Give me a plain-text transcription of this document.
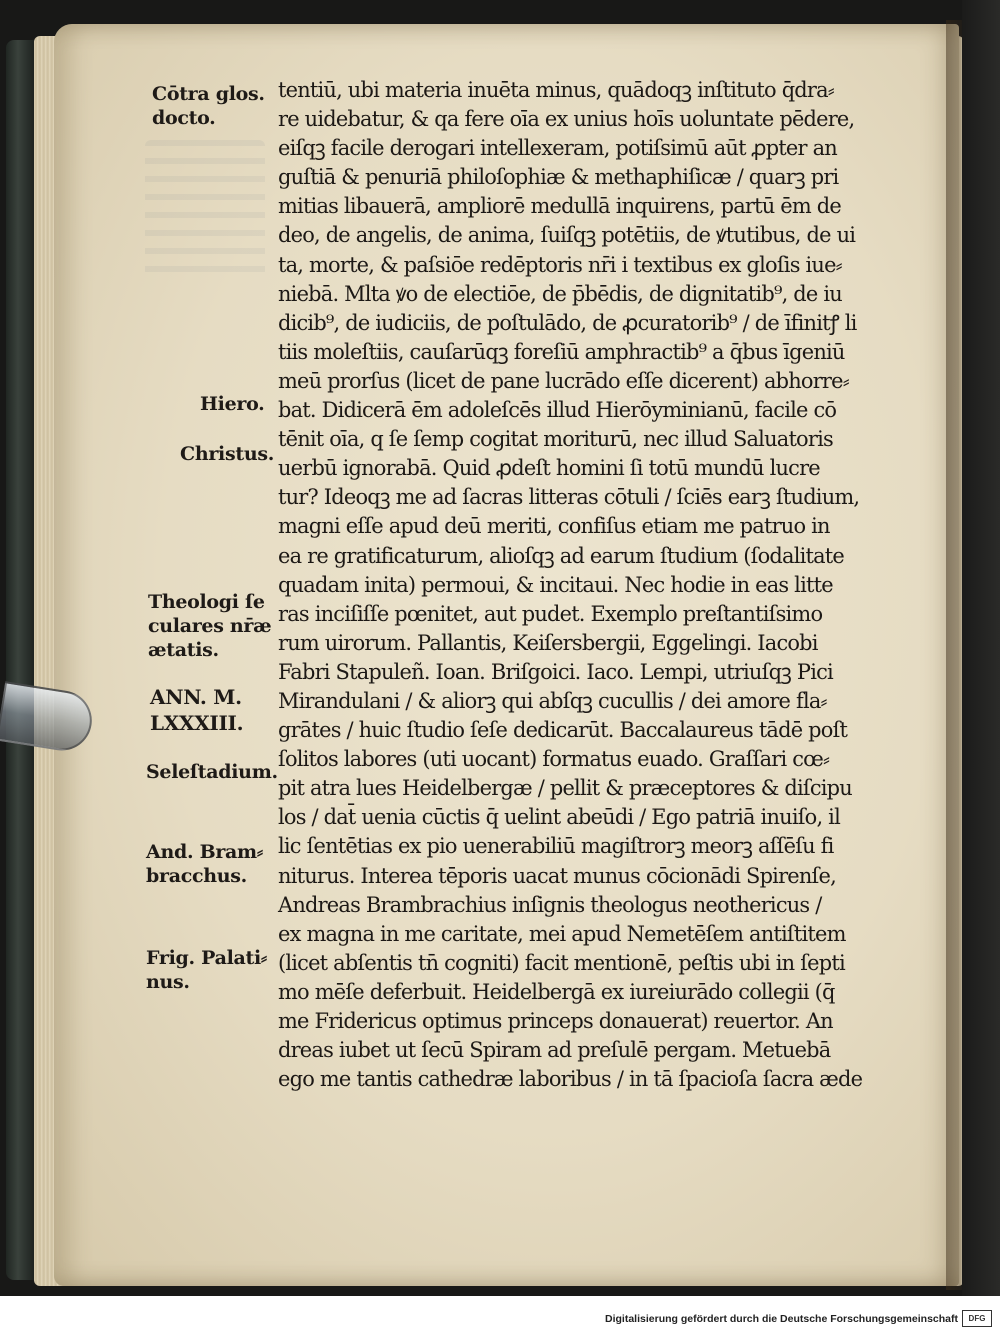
Cōtra glos.
docto.
Hiero.
Christus.
Theologi ſe
culares nr̄æ
ætatis.
ANN. M.
LXXXIII.
Seleſtadium.
And. Bram⸗
bracchus.
Frig. Palati⸗
nus.
tentiū, ubi materia inuēta minus, quādoqꝫ inſtituto q̄dra⸗
re uidebatur, & qa fere oīa ex unius hoīs uoluntate pēdere,
eiſqꝫ facile derogari intellexeram, potiſsimū aūt ꝓpter an
guſtiā & penuriā philoſophiæ & methaphiſicæ / quarꝫ pri
mitias libauerā, ampliorē medullā inquirens, partū ēm de
deo, de angelis, de anima, ſuiſqꝫ potētiis, de ꝟtutibus, de ui
ta, morte, & paſsiōe redēptoris nr̄i i textibus ex gloſis iue⸗
niebā. Mlta ꝟo de electiōe, de p̄bēdis, de dignitatib⁹, de iu
dicib⁹, de iudiciis, de poſtulādo, de ꝓcuratorib⁹ / de īfinitꝭ li
tiis moleſtiis, cauſarūqꝫ foreſiū amphractib⁹ a q̄bus īgeniū
meū prorſus (licet de pane lucrādo eſſe dicerent) abhorre⸗
bat. Didicerā ēm adoleſcēs illud Hierōyminianū, facile cō
tēnit oīa, q ſe ſemp cogitat moriturū, nec illud Saluatoris
uerbū ignorabā. Quid ꝓdeſt homini ſi totū mundū lucre
tur? Ideoqꝫ me ad ſacras litteras cōtuli / ſciēs earꝫ ſtudium,
magni eſſe apud deū meriti, confiſus etiam me patruo in
ea re gratificaturum, alioſqꝫ ad earum ſtudium (ſodalitate
quadam inita) permoui, & incitaui. Nec hodie in eas litte
ras inciſiſſe pœnitet, aut pudet. Exemplo preſtantiſsimo
rum uirorum. Pallantis, Keiſersbergii, Eggelingi. Iacobi
Fabri Stapuleñ. Ioan. Briſgoici. Iaco. Lempi, utriuſqꝫ Pici
Mirandulani / & aliorꝫ qui abſqꝫ cucullis / dei amore fla⸗
grātes / huic ſtudio ſeſe dedicarūt. Baccalaureus tādē poſt
ſolitos labores (uti uocant) formatus euado. Graſſari cœ⸗
pit atra lues Heidelbergæ / pellit & præceptores & diſcipu
los / dat̄ uenia cūctis q̄ uelint abeūdi / Ego patriā inuiſo, il
lic ſentētias ex pio uenerabiliū magiſtrorꝫ meorꝫ aſſēſu fi
niturus. Interea tēporis uacat munus cōcionādi Spirenſe,
Andreas Brambrachius inſignis theologus neothericus /
ex magna in me caritate, mei apud Nemetēſem antiſtitem
(licet abſentis tn̄ cogniti) facit mentionē, peſtis ubi in ſepti
mo mēſe deferbuit. Heidelbergā ex iureiurādo collegii (q̄
me Fridericus optimus princeps donauerat) reuertor. An
dreas iubet ut ſecū Spiram ad preſulē pergam. Metuebā
ego me tantis cathedræ laboribus / in tā ſpacioſa ſacra æde
Digitalisierung gefördert durch die Deutsche Forschungsgemeinschaft	DFG
